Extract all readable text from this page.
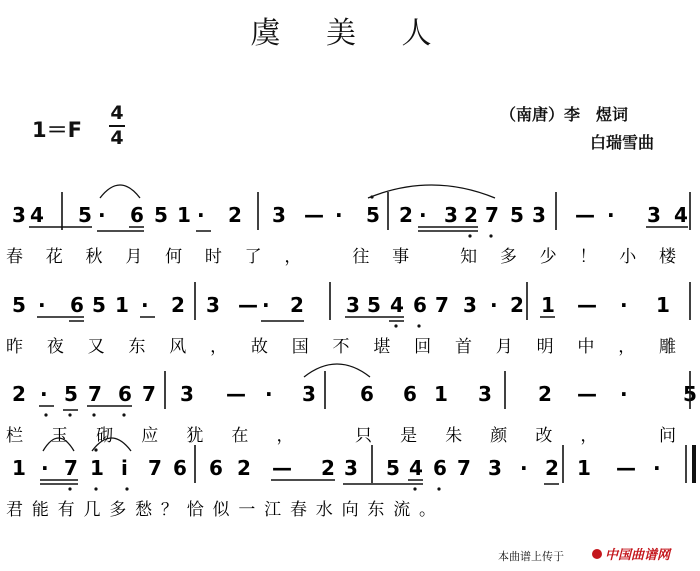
虞 美 人
1＝F
4
4
（南唐）李　煜词
白瑞雪曲
3 4 5 · 6 5 1 · 2 3 — · 5 2 · 3 2 7 5 3 — · 3 4
春花秋月何时了， 往事 知多少！小楼
5 · 6 5 1 · 2 3 — · 2 3 5 4 6 7 3 · 2 1 — · 1
昨夜又东风，故国不堪回首月明中，雕
2 · 5 7 6 7 3 — · 3 6 6 1 3 2 — ·	5
栏玉砌应犹在， 只是朱颜改， 问
1 · 7 1 i 7 6 6 2 — 2 3 5 4 6 7 3 · 2 1 — ·
君能有几多愁？恰似一江春水向东流。
本曲谱上传于	中国曲谱网
